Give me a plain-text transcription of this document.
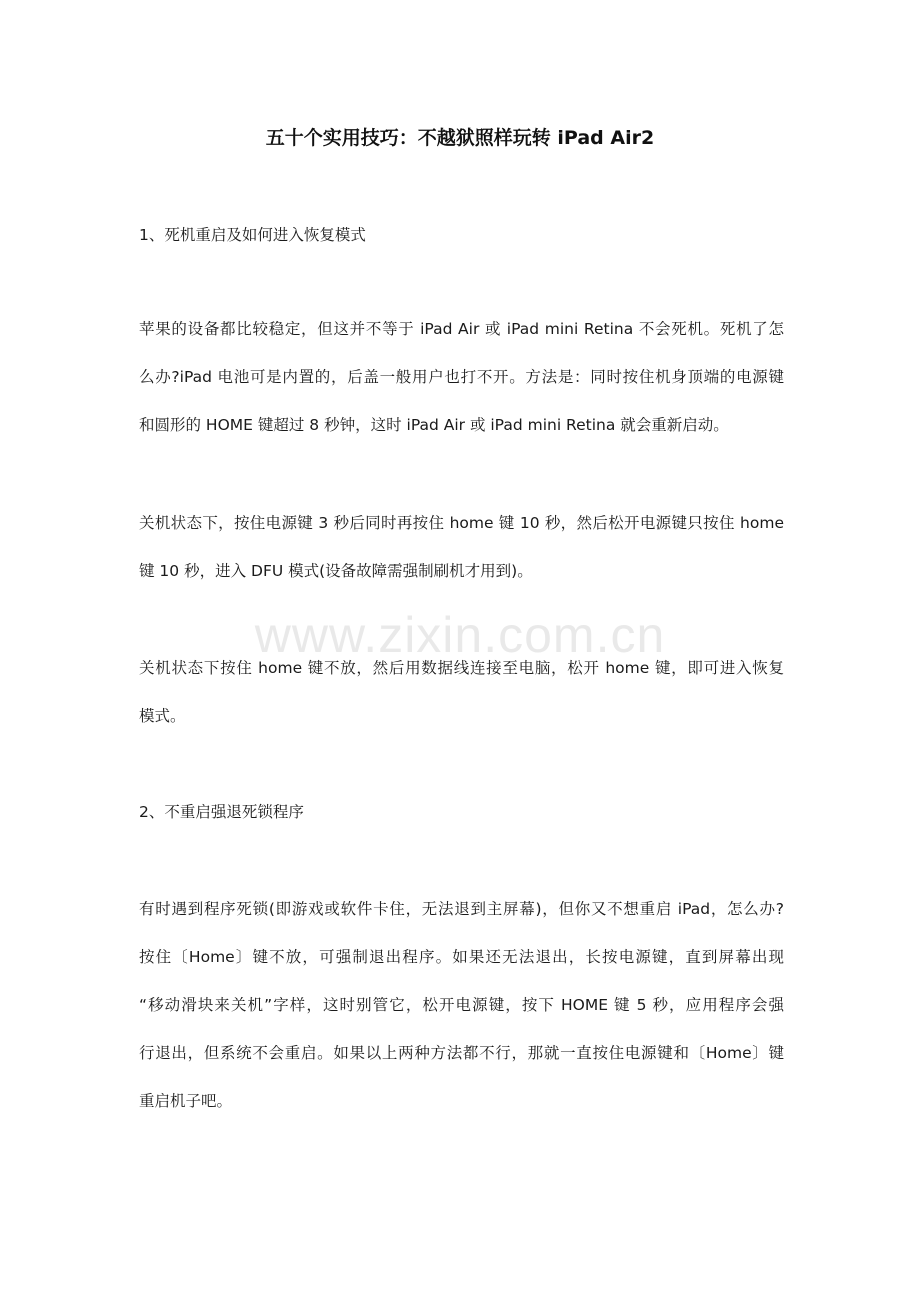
五十个实用技巧：不越狱照样玩转 iPad Air2
1、死机重启及如何进入恢复模式
苹果的设备都比较稳定，但这并不等于 iPad Air 或 iPad mini Retina 不会死机。死机了怎
么办?iPad 电池可是内置的，后盖一般用户也打不开。方法是：同时按住机身顶端的电源键
和圆形的 HOME 键超过 8 秒钟，这时 iPad Air 或 iPad mini Retina 就会重新启动。
关机状态下，按住电源键 3 秒后同时再按住 home 键 10 秒，然后松开电源键只按住 home
键 10 秒，进入 DFU 模式(设备故障需强制刷机才用到)。
关机状态下按住 home 键不放，然后用数据线连接至电脑，松开 home 键，即可进入恢复
模式。
2、不重启强退死锁程序
有时遇到程序死锁(即游戏或软件卡住，无法退到主屏幕)，但你又不想重启 iPad，怎么办?
按住〔Home〕键不放，可强制退出程序。如果还无法退出，长按电源键，直到屏幕出现
“移动滑块来关机”字样，这时别管它，松开电源键，按下 HOME 键 5 秒，应用程序会强
行退出，但系统不会重启。如果以上两种方法都不行，那就一直按住电源键和〔Home〕键
重启机子吧。
www.zixin.com.cn
